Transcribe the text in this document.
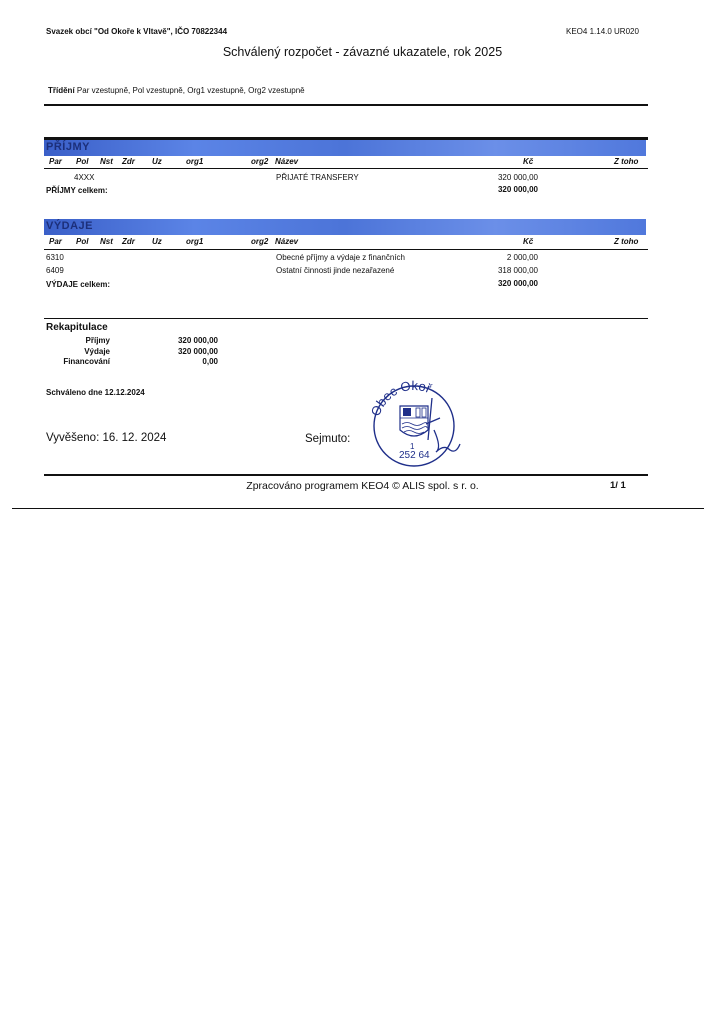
Svazek obcí "Od Okoře k Vltavě", IČO 70822344	KEO4 1.14.0 UR020
Schválený rozpočet - závazné ukazatele, rok 2025
Třídění Par vzestupně, Pol vzestupně, Org1 vzestupně, Org2 vzestupně
PŘÍJMY
Par Pol Nst Zdr Uz	org1	org2 Název	Kč	Z toho
4XXX	PŘIJATÉ TRANSFERY	320 000,00
PŘÍJMY celkem:	320 000,00
VÝDAJE
Par Pol Nst Zdr Uz	org1	org2 Název	Kč	Z toho
6310	Obecné příjmy a výdaje z finančních	2 000,00
6409	Ostatní činnosti jinde nezařazené	318 000,00
VÝDAJE celkem:	320 000,00
Rekapitulace
Příjmy	320 000,00
Výdaje	320 000,00
Financování	0,00
Schváleno dne 12.12.2024
Vyvěšeno: 16. 12. 2024	Sejmuto:
Obec Okoř
1
252 64
Zpracováno programem KEO4 © ALIS spol. s r. o.	1/ 1
